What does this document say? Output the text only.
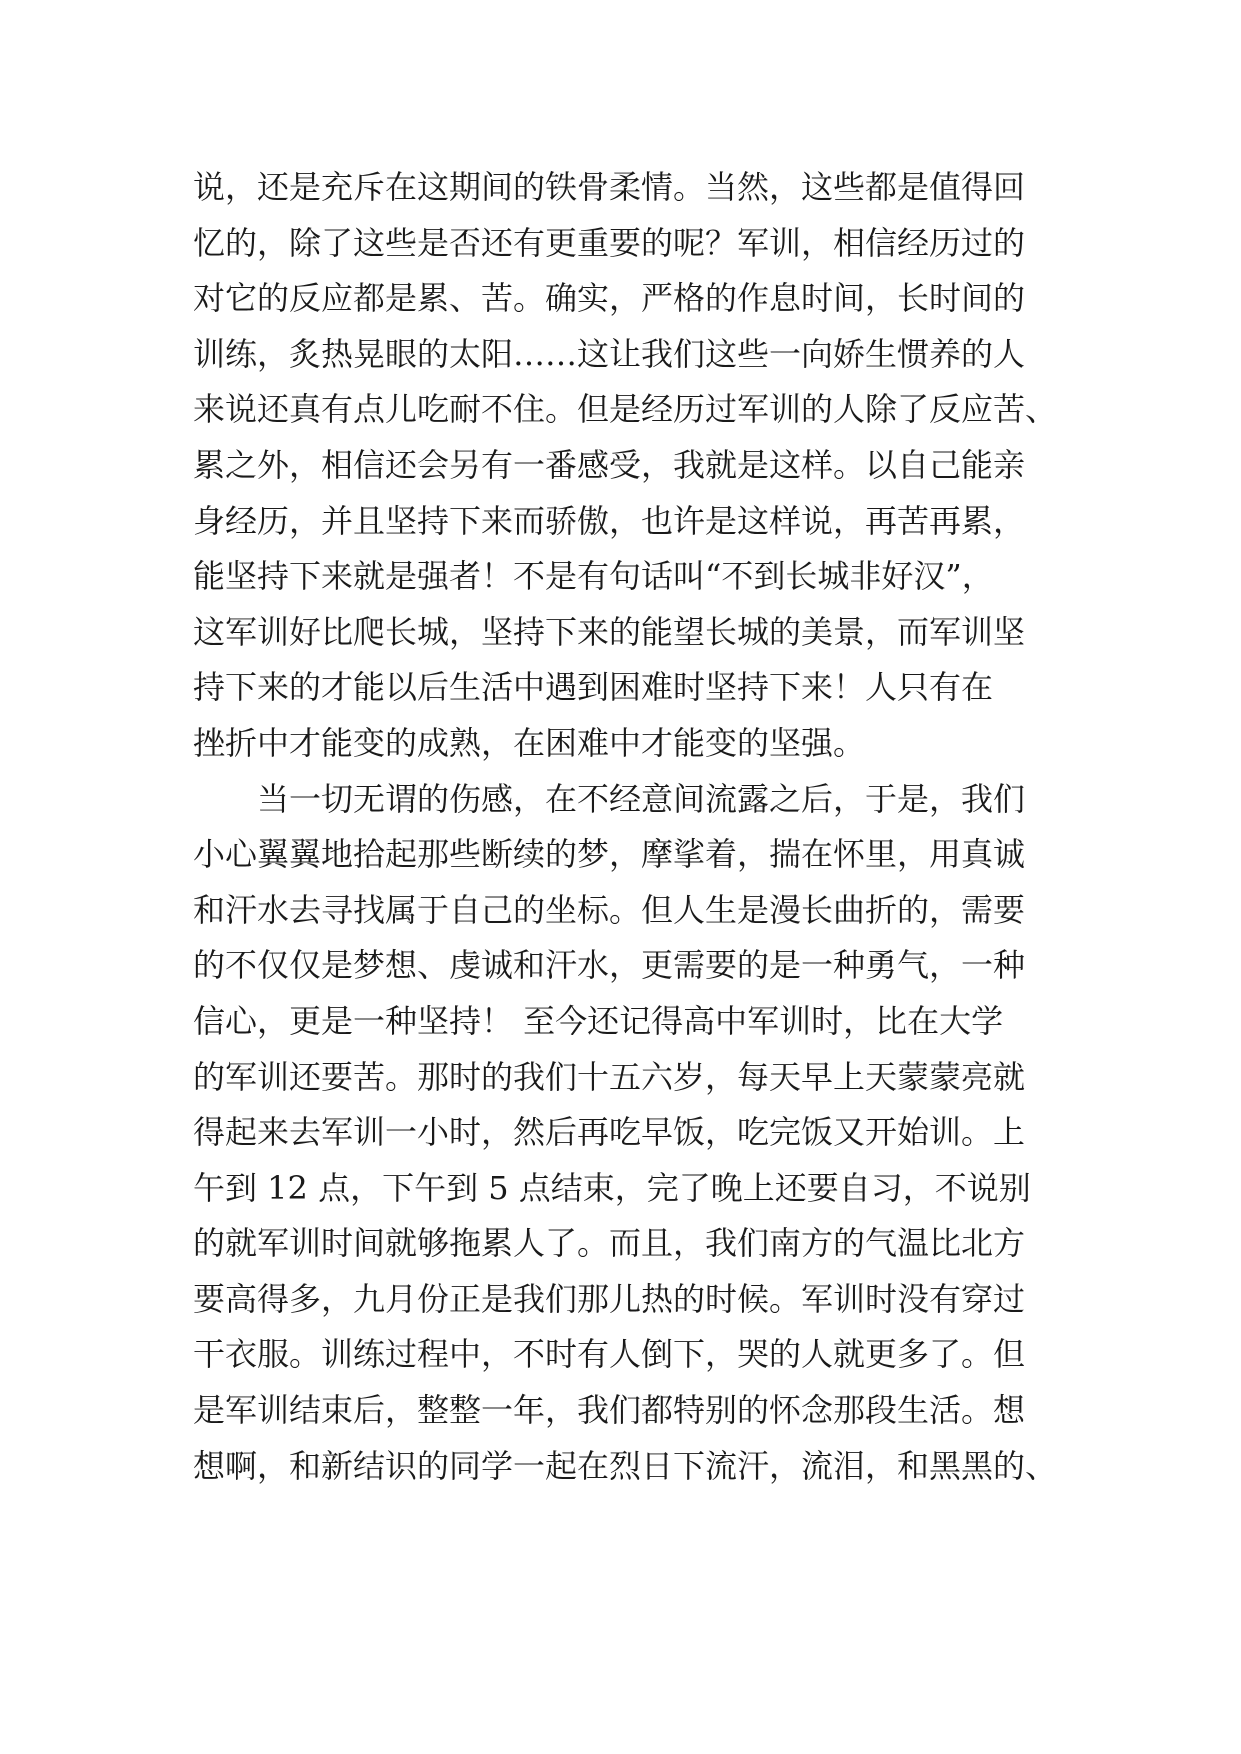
说，还是充斥在这期间的铁骨柔情。当然，这些都是值得回
忆的，除了这些是否还有更重要的呢？军训，相信经历过的
对它的反应都是累、苦。确实，严格的作息时间，长时间的
训练，炙热晃眼的太阳……这让我们这些一向娇生惯养的人
来说还真有点儿吃耐不住。但是经历过军训的人除了反应苦、
累之外，相信还会另有一番感受，我就是这样。以自己能亲
身经历，并且坚持下来而骄傲，也许是这样说，再苦再累，
能坚持下来就是强者！不是有句话叫“不到长城非好汉”，
这军训好比爬长城，坚持下来的能望长城的美景，而军训坚
持下来的才能以后生活中遇到困难时坚持下来！人只有在
挫折中才能变的成熟，在困难中才能变的坚强。
当一切无谓的伤感，在不经意间流露之后，于是，我们
小心翼翼地拾起那些断续的梦，摩挲着，揣在怀里，用真诚
和汗水去寻找属于自己的坐标。但人生是漫长曲折的，需要
的不仅仅是梦想、虔诚和汗水，更需要的是一种勇气，一种
信心，更是一种坚持！ 至今还记得高中军训时，比在大学
的军训还要苦。那时的我们十五六岁，每天早上天蒙蒙亮就
得起来去军训一小时，然后再吃早饭，吃完饭又开始训。上
午到 12 点，下午到 5 点结束，完了晚上还要自习，不说别
的就军训时间就够拖累人了。而且，我们南方的气温比北方
要高得多，九月份正是我们那儿热的时候。军训时没有穿过
干衣服。训练过程中，不时有人倒下，哭的人就更多了。但
是军训结束后，整整一年，我们都特别的怀念那段生活。想
想啊，和新结识的同学一起在烈日下流汗，流泪，和黑黑的、
